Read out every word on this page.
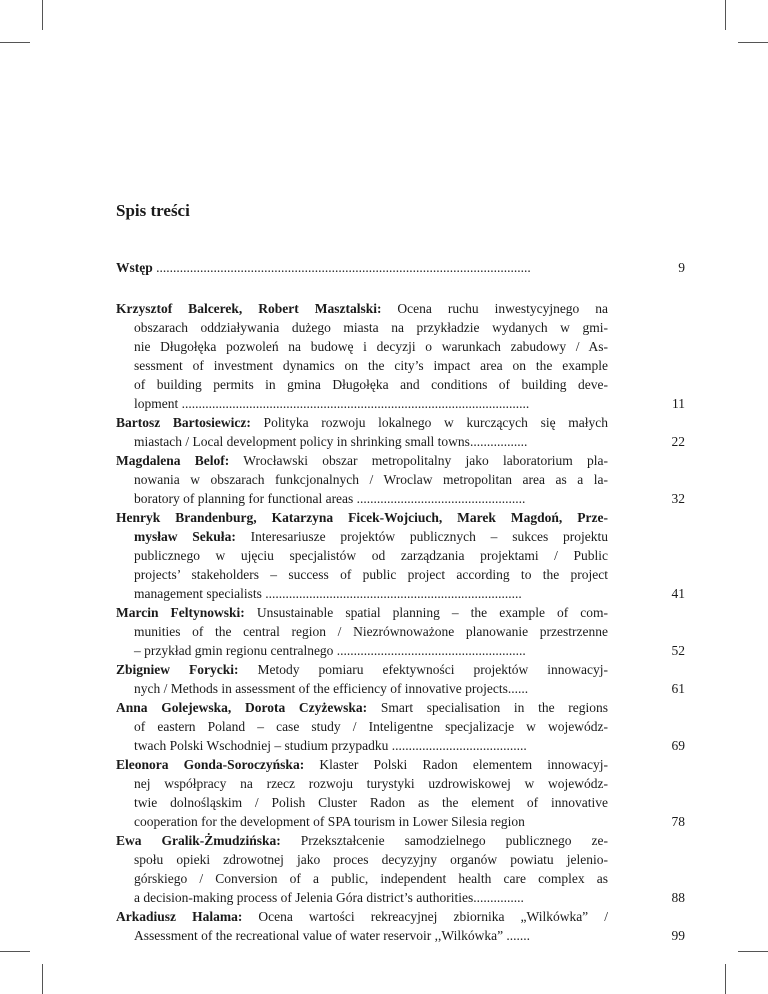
Spis treści
Wstęp ...............................................................................................................	9
Krzysztof Balcerek, Robert Masztalski: Ocena ruchu inwestycyjnego na
obszarach oddziaływania dużego miasta na przykładzie wydanych w gmi-
nie Długołęka pozwoleń na budowę i decyzji o warunkach zabudowy / As-
sessment of investment dynamics on the city’s impact area on the example
of building permits in gmina Długołęka and conditions of building deve-
lopment .......................................................................................................	11
Bartosz Bartosiewicz: Polityka rozwoju lokalnego w kurczących się małych
miastach / Local development policy in shrinking small towns.................	22
Magdalena Belof: Wrocławski obszar metropolitalny jako laboratorium pla-
nowania w obszarach funkcjonalnych / Wroclaw metropolitan area as a la-
boratory of planning for functional areas ..................................................	32
Henryk Brandenburg, Katarzyna Ficek-Wojciuch, Marek Magdoń, Prze-
mysław Sekuła: Interesariusze projektów publicznych – sukces projektu
publicznego w ujęciu specjalistów od zarządzania projektami / Public
projects’ stakeholders – success of public project according to the project
management specialists ............................................................................	41
Marcin Feltynowski: Unsustainable spatial planning – the example of com-
munities of the central region / Niezrównoważone planowanie przestrzenne
– przykład gmin regionu centralnego ........................................................	52
Zbigniew Forycki: Metody pomiaru efektywności projektów innowacyj-
nych / Methods in assessment of the efficiency of innovative projects......	61
Anna Golejewska, Dorota Czyżewska: Smart specialisation in the regions
of eastern Poland – case study / Inteligentne specjalizacje w wojewódz-
twach Polski Wschodniej – studium przypadku ........................................	69
Eleonora Gonda-Soroczyńska: Klaster Polski Radon elementem innowacyj-
nej współpracy na rzecz rozwoju turystyki uzdrowiskowej w wojewódz-
twie dolnośląskim / Polish Cluster Radon as the element of innovative
cooperation for the development of SPA tourism in Lower Silesia region	78
Ewa Gralik-Żmudzińska: Przekształcenie samodzielnego publicznego ze-
społu opieki zdrowotnej jako proces decyzyjny organów powiatu jelenio-
górskiego / Conversion of a public, independent health care complex as
a decision-making process of Jelenia Góra district’s authorities...............	88
Arkadiusz Halama: Ocena wartości rekreacyjnej zbiornika „Wilkówka” /
Assessment of the recreational value of water reservoir ,,Wilkówka” .......	99
